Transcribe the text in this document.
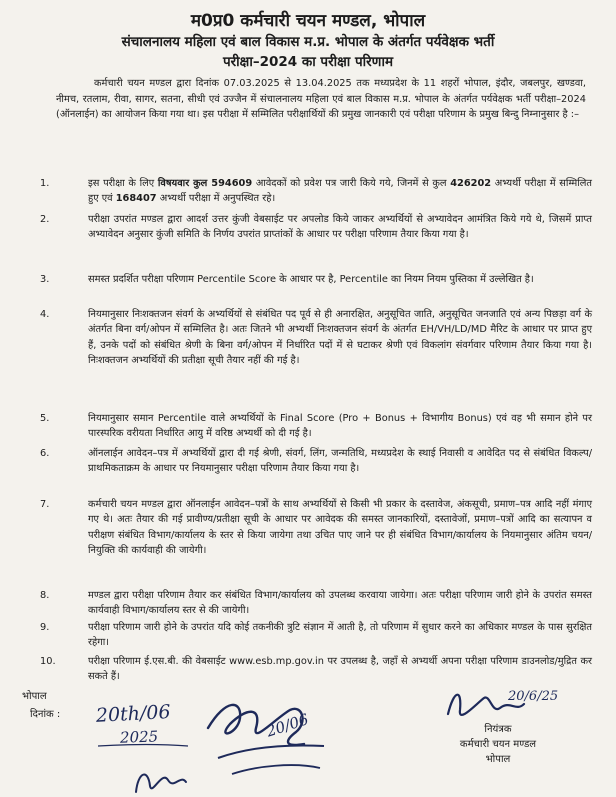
म0प्र0 कर्मचारी चयन मण्डल, भोपाल
संचालनालय महिला एवं बाल विकास म.प्र. भोपाल के अंतर्गत पर्यवेक्षक भर्ती
परीक्षा–2024 का परीक्षा परिणाम
कर्मचारी चयन मण्डल द्वारा दिनांक 07.03.2025 से 13.04.2025 तक मध्यप्रदेश के 11 शहरों भोपाल, इंदौर, जबलपुर, खण्डवा, नीमच, रतलाम, रीवा, सागर, सतना, सीधी एवं उज्जैन में संचालनालय महिला एवं बाल विकास म.प्र. भोपाल के अंतर्गत पर्यवेक्षक भर्ती परीक्षा–2024 (ऑनलाईन) का आयोजन किया गया था। इस परीक्षा में सम्मिलित परीक्षार्थियों की प्रमुख जानकारी एवं परीक्षा परिणाम के प्रमुख बिन्दु निम्नानुसार है :–
1.	इस परीक्षा के लिए विषयवार कुल 594609 आवेदकों को प्रवेश पत्र जारी किये गये, जिनमें से कुल 426202 अभ्यर्थी परीक्षा में सम्मिलित हुए एवं 168407 अभ्यर्थी परीक्षा में अनुपस्थित रहे।
2.	परीक्षा उपरांत मण्डल द्वारा आदर्श उत्तर कुंजी वेबसाईट पर अपलोड किये जाकर अभ्यर्थियों से अभ्यावेदन आमंत्रित किये गये थे, जिसमें प्राप्त अभ्यावेदन अनुसार कुंजी समिति के निर्णय उपरांत प्राप्तांकों के आधार पर परीक्षा परिणाम तैयार किया गया है।
3.	समस्त प्रदर्शित परीक्षा परिणाम Percentile Score के आधार पर है, Percentile का नियम नियम पुस्तिका में उल्लेखित है।
4.	नियमानुसार निःशक्तजन संवर्ग के अभ्यर्थियों से संबंधित पद पूर्व से ही अनारक्षित, अनुसूचित जाति, अनुसूचित जनजाति एवं अन्य पिछड़ा वर्ग के अंतर्गत बिना वर्ग/ओपन में सम्मिलित है। अतः जितने भी अभ्यर्थी निःशक्तजन संवर्ग के अंतर्गत EH/VH/LD/MD मैरिट के आधार पर प्राप्त हुए हैं, उनके पदों को संबंधित श्रेणी के बिना वर्ग/ओपन में निर्धारित पदों में से घटाकर श्रेणी एवं विकलांग संवर्गवार परिणाम तैयार किया गया है। निःशक्तजन अभ्यर्थियों की प्रतीक्षा सूची तैयार नहीं की गई है।
5.	नियमानुसार समान Percentile वाले अभ्यर्थियों के Final Score (Pro + Bonus + विभागीय Bonus) एवं वह भी समान होने पर पारस्परिक वरीयता निर्धारित आयु में वरिष्ठ अभ्यर्थी को दी गई है।
6.	ऑनलाईन आवेदन–पत्र में अभ्यर्थियों द्वारा दी गई श्रेणी, संवर्ग, लिंग, जन्मतिथि, मध्यप्रदेश के स्थाई निवासी व आवेदित पद से संबंधित विकल्प/प्राथमिकताक्रम के आधार पर नियमानुसार परीक्षा परिणाम तैयार किया गया है।
7.	कर्मचारी चयन मण्डल द्वारा ऑनलाईन आवेदन–पत्रों के साथ अभ्यर्थियों से किसी भी प्रकार के दस्तावेज, अंकसूची, प्रमाण–पत्र आदि नहीं मंगाए गए थे। अतः तैयार की गई प्रावीण्य/प्रतीक्षा सूची के आधार पर आवेदक की समस्त जानकारियों, दस्तावेजों, प्रमाण–पत्रों आदि का सत्यापन व परीक्षण संबंधित विभाग/कार्यालय के स्तर से किया जायेगा तथा उचित पाए जाने पर ही संबंधित विभाग/कार्यालय के नियमानुसार अंतिम चयन/नियुक्ति की कार्यवाही की जायेगी।
8.	मण्डल द्वारा परीक्षा परिणाम तैयार कर संबंधित विभाग/कार्यालय को उपलब्ध करवाया जायेगा। अतः परीक्षा परिणाम जारी होने के उपरांत समस्त कार्यवाही विभाग/कार्यालय स्तर से की जायेगी।
9.	परीक्षा परिणाम जारी होने के उपरांत यदि कोई तकनीकी त्रुटि संज्ञान में आती है, तो परिणाम में सुधार करने का अधिकार मण्डल के पास सुरक्षित रहेगा।
10.	परीक्षा परिणाम ई.एस.बी. की वेबसाईट www.esb.mp.gov.in पर उपलब्ध है, जहाँ से अभ्यर्थी अपना परीक्षा परिणाम डाउनलोड/मुद्रित कर सकते हैं।
भोपाल
दिनांक : 20th/06
2025	20/06
20/6/25
नियंत्रक
कर्मचारी चयन मण्डल
भोपाल
